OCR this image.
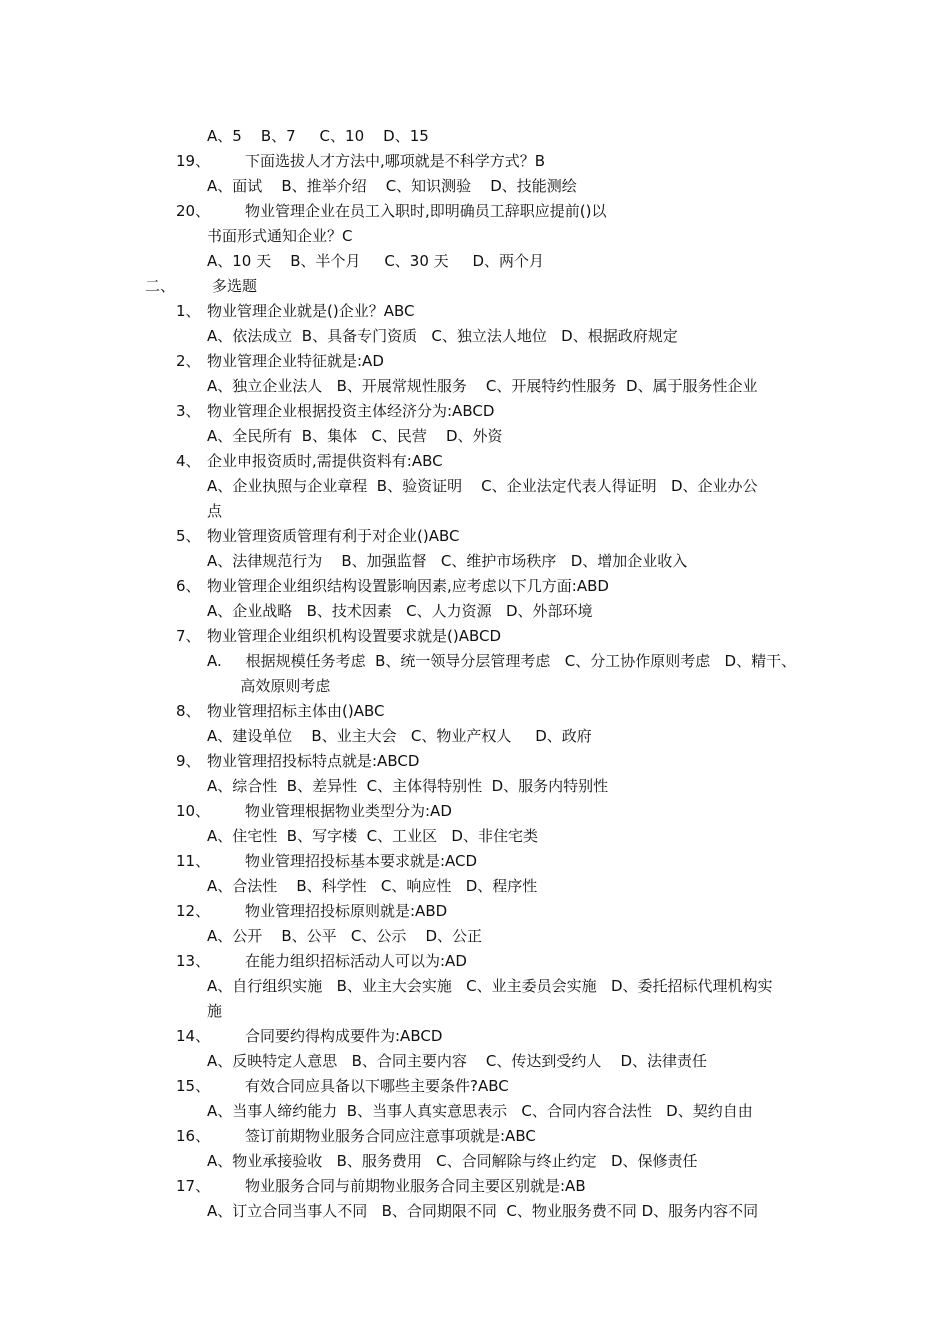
A、5    B、7     C、10    D、15
19、 下面选拔人才方法中,哪项就是不科学方式？B
A、面试    B、推举介绍    C、知识测验    D、技能测绘
20、 物业管理企业在员工入职时,即明确员工辞职应提前()以
书面形式通知企业？C
A、10 天    B、半个月     C、30 天     D、两个月
二、 多选题
1、 物业管理企业就是()企业？ABC
A、依法成立  B、具备专门资质   C、独立法人地位   D、根据政府规定
2、 物业管理企业特征就是:AD
A、独立企业法人   B、开展常规性服务    C、开展特约性服务  D、属于服务性企业
3、 物业管理企业根据投资主体经济分为:ABCD
A、全民所有  B、集体   C、民营    D、外资
4、 企业申报资质时,需提供资料有:ABC
A、企业执照与企业章程  B、验资证明    C、企业法定代表人得证明   D、企业办公
点
5、 物业管理资质管理有利于对企业()ABC
A、法律规范行为    B、加强监督   C、维护市场秩序   D、增加企业收入
6、 物业管理企业组织结构设置影响因素,应考虑以下几方面:ABD
A、企业战略   B、技术因素   C、人力资源   D、外部环境
7、 物业管理企业组织机构设置要求就是()ABCD
A.     根据规模任务考虑  B、统一领导分层管理考虑   C、分工协作原则考虑   D、精干、
高效原则考虑
8、 物业管理招标主体由()ABC
A、建设单位    B、业主大会   C、物业产权人     D、政府
9、 物业管理招投标特点就是:ABCD
A、综合性  B、差异性  C、主体得特别性  D、服务内特别性
10、 物业管理根据物业类型分为:AD
A、住宅性  B、写字楼  C、工业区   D、非住宅类
11、 物业管理招投标基本要求就是:ACD
A、合法性    B、科学性   C、响应性   D、程序性
12、 物业管理招投标原则就是:ABD
A、公开    B、公平   C、公示    D、公正
13、 在能力组织招标活动人可以为:AD
A、自行组织实施   B、业主大会实施   C、业主委员会实施   D、委托招标代理机构实
施
14、 合同要约得构成要件为:ABCD
A、反映特定人意思   B、合同主要内容    C、传达到受约人    D、法律责任
15、 有效合同应具备以下哪些主要条件?ABC
A、当事人缔约能力  B、当事人真实意思表示   C、合同内容合法性   D、契约自由
16、 签订前期物业服务合同应注意事项就是:ABC
A、物业承接验收   B、服务费用   C、合同解除与终止约定   D、保修责任
17、 物业服务合同与前期物业服务合同主要区别就是:AB
A、订立合同当事人不同   B、合同期限不同  C、物业服务费不同 D、服务内容不同
